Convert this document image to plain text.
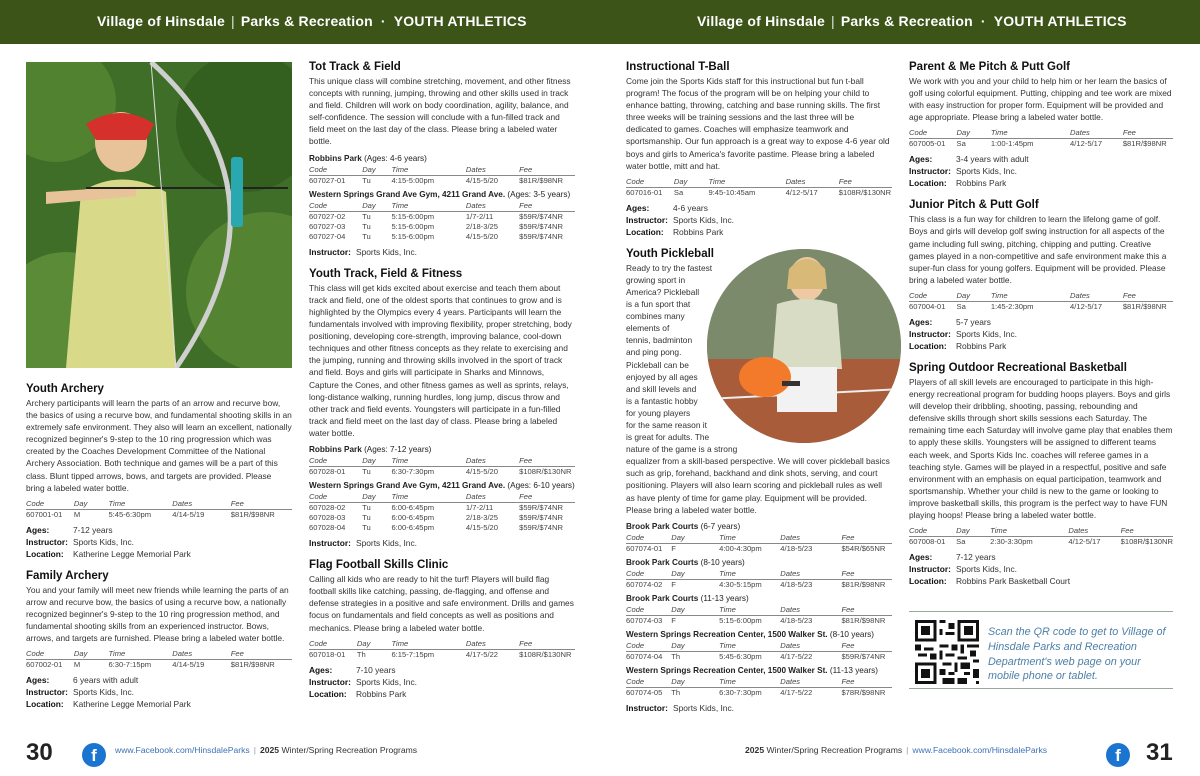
Village of Hinsdale | Parks & Recreation · YOUTH ATHLETICS	Village of Hinsdale | Parks & Recreation · YOUTH ATHLETICS
Youth Archery
Archery participants will learn the parts of an arrow and recurve bow, the basics of using a recurve bow, and fundamental shooting skills in an extremely safe environment. They also will learn an excellent, nationally recognized beginner's 9-step to the 10 ring progression which was created by the Coaches Development Committee of the National Archery Association. Both technique and games will be a part of this class. Blunt tipped arrows, bows, and targets are provided. Please bring a labeled water bottle.
Code	Day	Time	Dates	Fee
607001-01	M	5:45-6:30pm	4/14-5/19	$81R/$98NR
Ages:	7-12 years
Instructor: Sports Kids, Inc.
Location:	Katherine Legge Memorial Park
Family Archery
You and your family will meet new friends while learning the parts of an arrow and recurve bow, the basics of using a recurve bow, a nationally recognized beginner's 9-step to the 10 ring progression method, and fundamental shooting skills from an experienced instructor. Bows, arrows, and targets are furnished. Please bring a labeled water bottle.
Code	Day	Time	Dates	Fee
607002-01	M	6:30-7:15pm	4/14-5/19	$81R/$98NR
Ages:	6 years with adult
Instructor: Sports Kids, Inc.
Location:	Katherine Legge Memorial Park
Tot Track & Field
This unique class will combine stretching, movement, and other fitness concepts with running, jumping, throwing and other skills used in track and field. Children will work on body coordination, agility, balance, and self-confidence. The session will conclude with a fun-filled track and field meet on the last day of the class. Please bring a labeled water bottle.
Robbins Park (Ages: 4-6 years)
Code	Day	Time	Dates	Fee
607027-01	Tu	4:15-5:00pm	4/15-5/20	$81R/$98NR
Western Springs Grand Ave Gym, 4211 Grand Ave. (Ages: 3-5 years)
Code	Day	Time	Dates	Fee
607027-02	Tu	5:15-6:00pm	1/7-2/11	$59R/$74NR
607027-03	Tu	5:15-6:00pm	2/18-3/25	$59R/$74NR
607027-04	Tu	5:15-6:00pm	4/15-5/20	$59R/$74NR
Instructor: Sports Kids, Inc.
Youth Track, Field & Fitness
This class will get kids excited about exercise and teach them about track and field, one of the oldest sports that continues to grow and is highlighted by the Olympics every 4 years. Participants will learn the fundamentals involved with improving flexibility, proper stretching, body positioning, developing core-strength, improving balance, cool-down techniques and other fitness concepts as they relate to exercising and the jumping, running and throwing skills involved in the sport of track and field. Boys and girls will participate in Sharks and Minnows, Capture the Cones, and other fitness games as well as sprints, relays, long-distance walking, running hurdles, long jump, discus throw and other track and field events. Youngsters will participate in a fun-filled track and field meet on the last day of class. Please bring a labeled water bottle.
Robbins Park (Ages: 7-12 years)
Code	Day	Time	Dates	Fee
607028-01	Tu	6:30-7:30pm	4/15-5/20	$108R/$130NR
Western Springs Grand Ave Gym, 4211 Grand Ave. (Ages: 6-10 years)
Code	Day	Time	Dates	Fee
607028-02	Tu	6:00-6:45pm	1/7-2/11	$59R/$74NR
607028-03	Tu	6:00-6:45pm	2/18-3/25	$59R/$74NR
607028-04	Tu	6:00-6:45pm	4/15-5/20	$59R/$74NR
Instructor: Sports Kids, Inc.
Flag Football Skills Clinic
Calling all kids who are ready to hit the turf! Players will build flag football skills like catching, passing, de-flagging, and offense and defense strategies in a positive and safe environment. Drills and games focus on fundamentals and field concepts as well as positions and mechanics. Please bring a labeled water bottle.
Code	Day	Time	Dates	Fee
607018-01	Th	6:15-7:15pm	4/17-5/22	$108R/$130NR
Ages:	7-10 years
Instructor: Sports Kids, Inc.
Location:	Robbins Park
Instructional T-Ball
Come join the Sports Kids staff for this instructional but fun t-ball program! The focus of the program will be on helping your child to enhance batting, throwing, catching and base running skills. The first three weeks will be training sessions and the last three will be dedicated to games. Coaches will emphasize teamwork and sportsmanship. Our fun approach is a great way to expose 4-6 year old boys and girls to America's favorite pastime. Please bring a labeled water bottle, mitt and hat.
Code	Day	Time	Dates	Fee
607016-01	Sa	9:45-10:45am	4/12-5/17	$108R/$130NR
Ages:	4-6 years
Instructor: Sports Kids, Inc.
Location:	Robbins Park
Youth Pickleball
Ready to try the fastest
growing sport in
America? Pickleball
is a fun sport that
combines many
elements of
tennis, badminton
and ping pong.
Pickleball can be
enjoyed by all ages
and skill levels and
is a fantastic hobby
for young players
for the same reason it
is great for adults. The
nature of the game is a strong
equalizer from a skill-based perspective. We will cover pickleball basics such as grip, forehand, backhand and dink shots, serving, and court positioning. Players will also learn scoring and pickleball rules as well as have plenty of time for game play. Equipment will be provided. Please bring a labeled water bottle.
Brook Park Courts (6-7 years)
Code	Day	Time	Dates	Fee
607074-01	F	4:00-4:30pm	4/18-5/23	$54R/$65NR
Brook Park Courts (8-10 years)
Code	Day	Time	Dates	Fee
607074-02	F	4:30-5:15pm	4/18-5/23	$81R/$98NR
Brook Park Courts (11-13 years)
Code	Day	Time	Dates	Fee
607074-03	F	5:15-6:00pm	4/18-5/23	$81R/$98NR
Western Springs Recreation Center, 1500 Walker St. (8-10 years)
Code	Day	Time	Dates	Fee
607074-04	Th	5:45-6:30pm	4/17-5/22	$59R/$74NR
Western Springs Recreation Center, 1500 Walker St. (11-13 years)
Code	Day	Time	Dates	Fee
607074-05	Th	6:30-7:30pm	4/17-5/22	$78R/$98NR
Instructor: Sports Kids, Inc.
Parent & Me Pitch & Putt Golf
We work with you and your child to help him or her learn the basics of golf using colorful equipment. Putting, chipping and tee work are mixed with easy instruction for proper form. Equipment will be provided and age appropriate. Please bring a labeled water bottle.
Code	Day	Time	Dates	Fee
607005-01	Sa	1:00-1:45pm	4/12-5/17	$81R/$98NR
Ages:	3-4 years with adult
Instructor: Sports Kids, Inc.
Location:	Robbins Park
Junior Pitch & Putt Golf
This class is a fun way for children to learn the lifelong game of golf. Boys and girls will develop golf swing instruction for all aspects of the game including full swing, pitching, chipping and putting. Creative games played in a non-competitive and safe environment make this a super-fun class for young golfers. Equipment will be provided. Please bring a labeled water bottle.
Code	Day	Time	Dates	Fee
607004-01	Sa	1:45-2:30pm	4/12-5/17	$81R/$98NR
Ages:	5-7 years
Instructor: Sports Kids, Inc.
Location:	Robbins Park
Spring Outdoor Recreational Basketball
Players of all skill levels are encouraged to participate in this high-energy recreational program for budding hoops players. Boys and girls will develop their dribbling, shooting, passing, rebounding and defensive skills through short skills sessions each Saturday. The remaining time each Saturday will involve game play that enables them to apply these skills. Youngsters will be assigned to different teams each week, and Sports Kids Inc. coaches will referee games in a teaching style. Games will be played in a respectful, positive and safe environment with an emphasis on equal participation, teamwork and sportsmanship. Whether your child is new to the game or looking to improve basketball skills, this program is the perfect way to have FUN playing hoops! Please bring a labeled water bottle.
Code	Day	Time	Dates	Fee
607008-01	Sa	2:30-3:30pm	4/12-5/17	$108R/$130NR
Ages:	7-12 years
Instructor: Sports Kids, Inc.
Location:	Robbins Park Basketball Court
Scan the QR code to get to Village of Hinsdale Parks and Recreation Department's web page on your mobile phone or tablet.
30	f	www.Facebook.com/HinsdaleParks | 2025 Winter/Spring Recreation Programs	2025 Winter/Spring Recreation Programs | www.Facebook.com/HinsdaleParks	f	31
